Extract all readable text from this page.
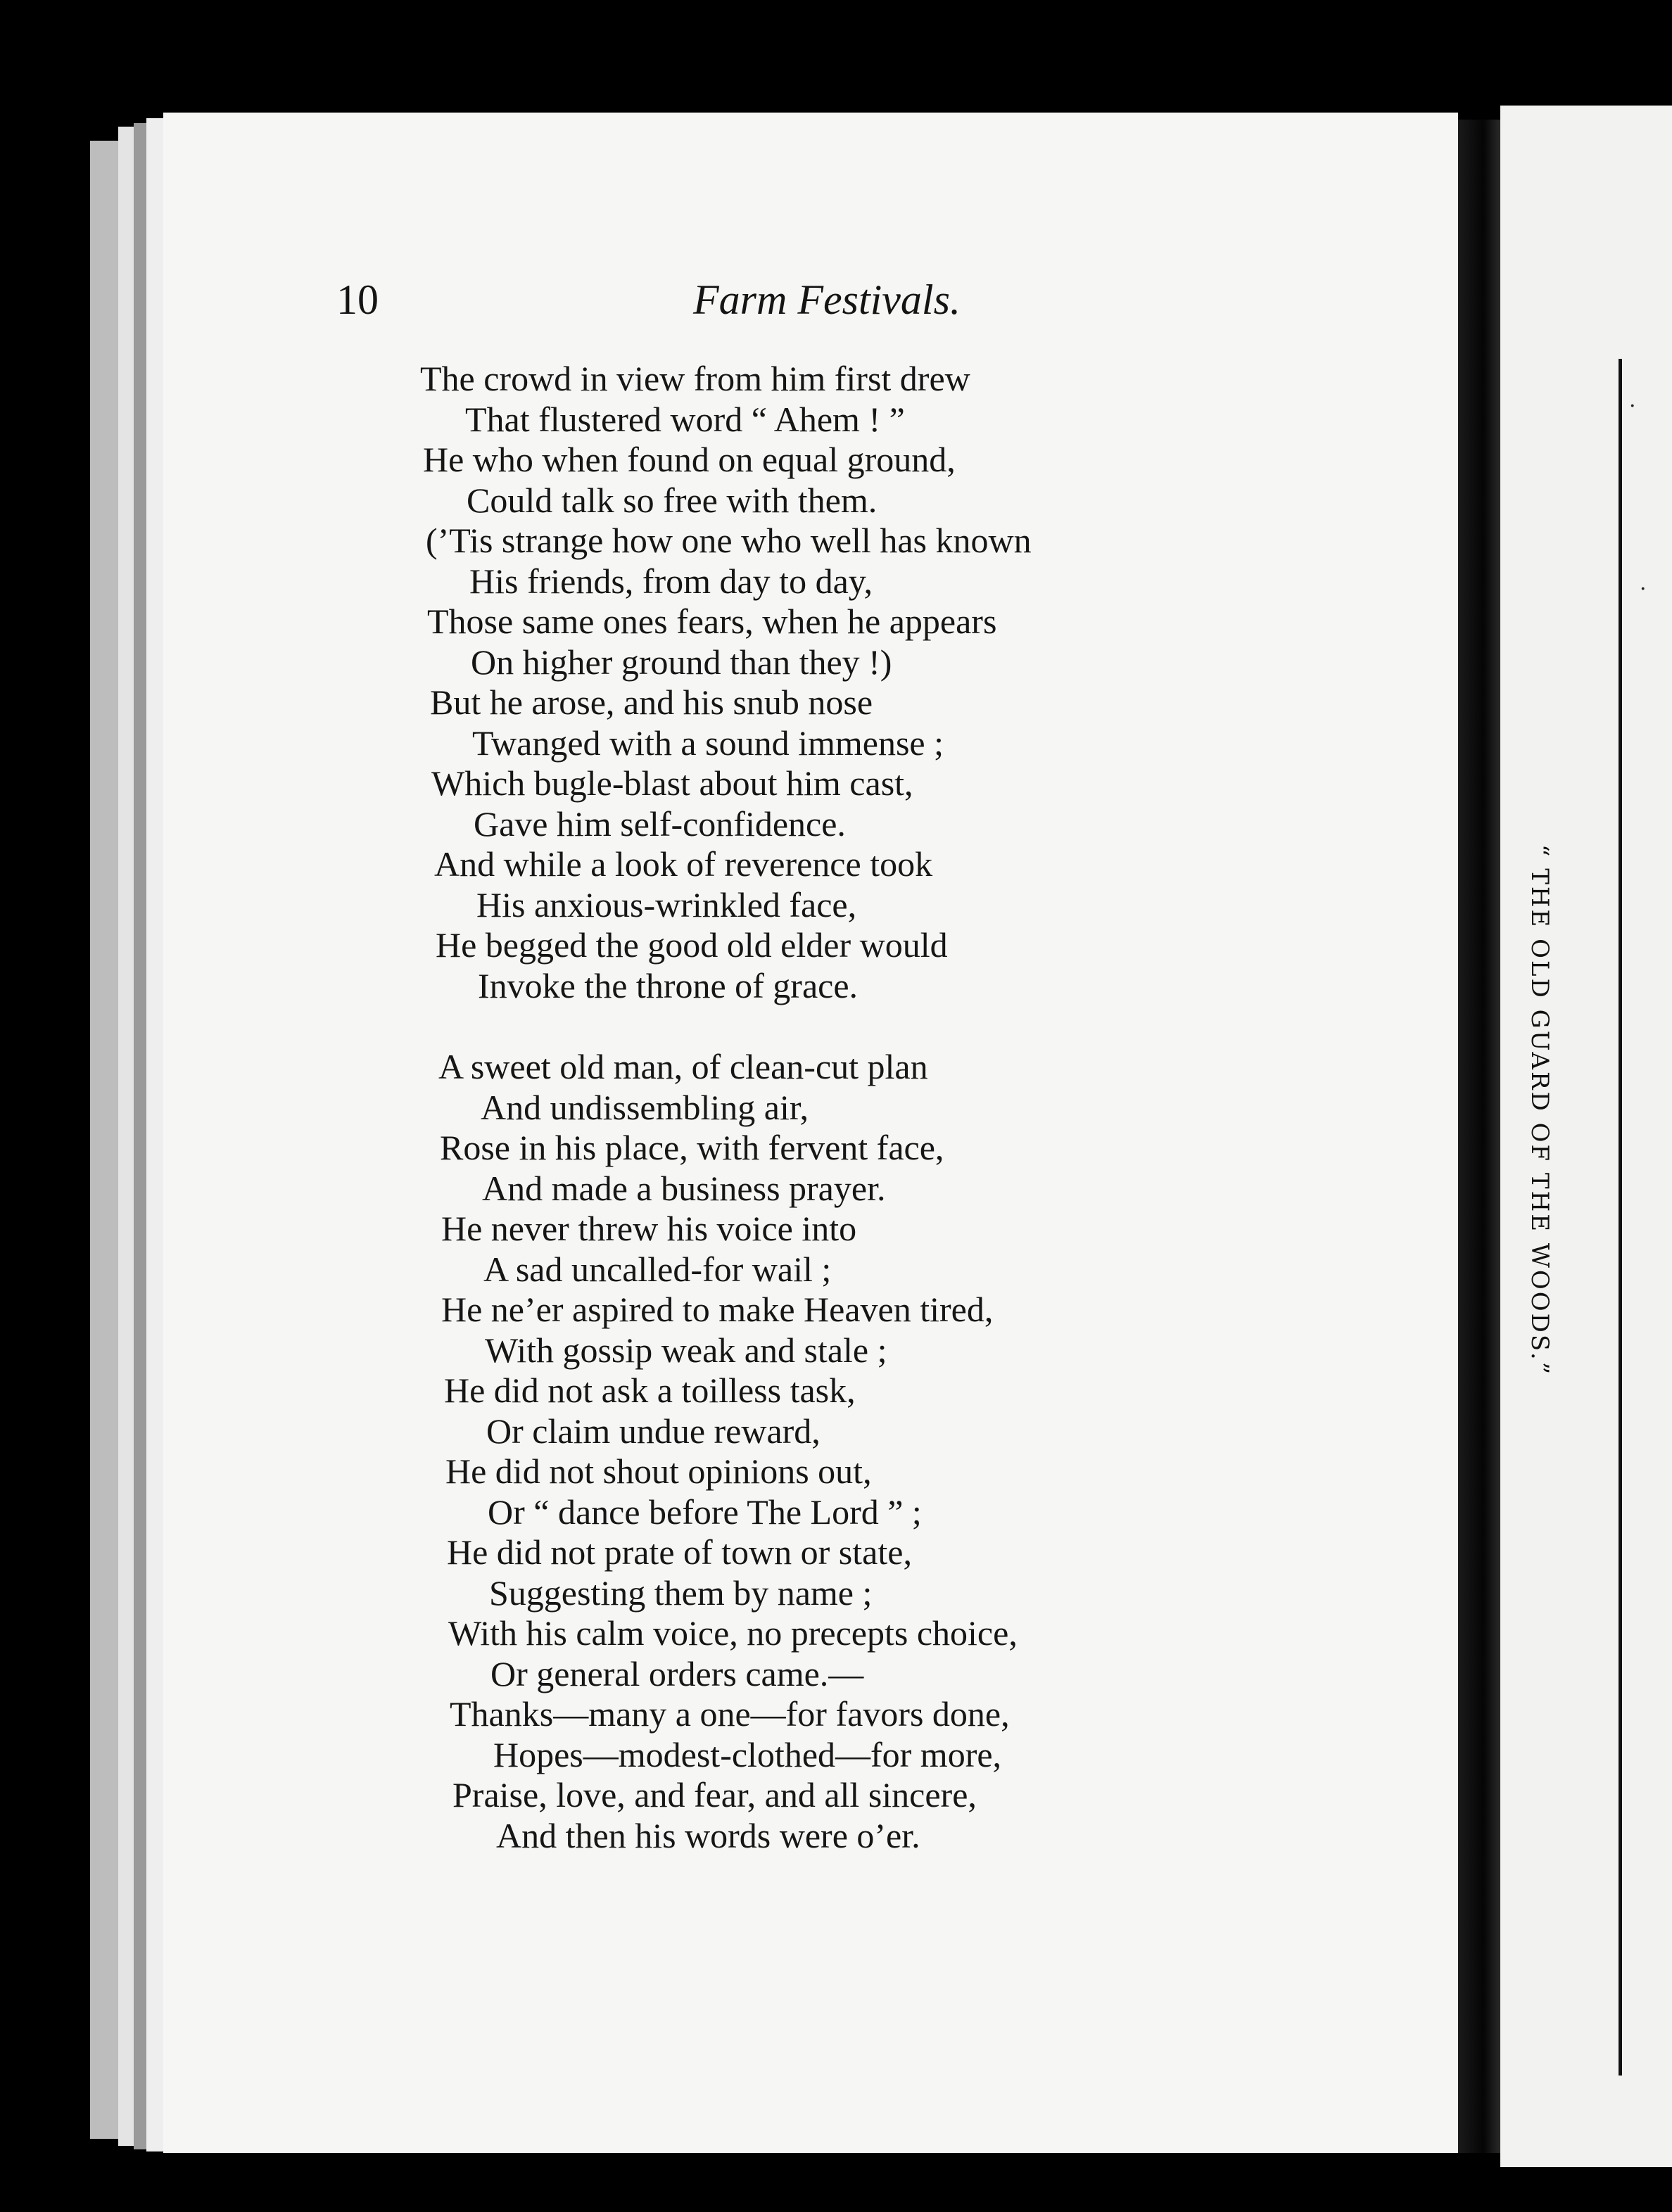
“ THE OLD GUARD OF THE WOODS.”
·
·
10	Farm Festivals.
The crowd in view from him first drew
That flustered word “ Ahem ! ”
He who when found on equal ground,
Could talk so free with them.
(’Tis strange how one who well has known
His friends, from day to day,
Those same ones fears, when he appears
On higher ground than they !)
But he arose, and his snub nose
Twanged with a sound immense ;
Which bugle-blast about him cast,
Gave him self-confidence.
And while a look of reverence took
His anxious-wrinkled face,
He begged the good old elder would
Invoke the throne of grace.
A sweet old man, of clean-cut plan
And undissembling air,
Rose in his place, with fervent face,
And made a business prayer.
He never threw his voice into
A sad uncalled-for wail ;
He ne’er aspired to make Heaven tired,
With gossip weak and stale ;
He did not ask a toilless task,
Or claim undue reward,
He did not shout opinions out,
Or “ dance before The Lord ” ;
He did not prate of town or state,
Suggesting them by name ;
With his calm voice, no precepts choice,
Or general orders came.—
Thanks—many a one—for favors done,
Hopes—modest-clothed—for more,
Praise, love, and fear, and all sincere,
And then his words were o’er.
